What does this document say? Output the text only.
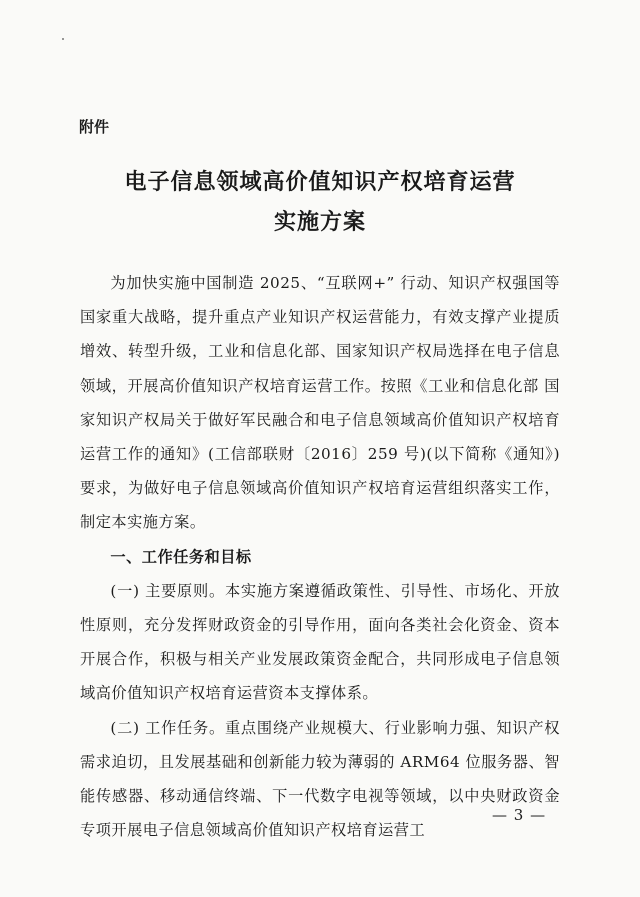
附件
电子信息领域高价值知识产权培育运营
实施方案

为加快实施中国制造 2025、“互联网+” 行动、知识产权强国等国家重大战略，提升重点产业知识产权运营能力，有效支撑产业提质增效、转型升级，工业和信息化部、国家知识产权局选择在电子信息领域，开展高价值知识产权培育运营工作。按照《工业和信息化部 国家知识产权局关于做好军民融合和电子信息领域高价值知识产权培育运营工作的通知》(工信部联财〔2016〕259 号)(以下简称《通知》)要求，为做好电子信息领域高价值知识产权培育运营组织落实工作，制定本实施方案。

一、工作任务和目标

(一) 主要原则。本实施方案遵循政策性、引导性、市场化、开放性原则，充分发挥财政资金的引导作用，面向各类社会化资金、资本开展合作，积极与相关产业发展政策资金配合，共同形成电子信息领域高价值知识产权培育运营资本支撑体系。

(二) 工作任务。重点围绕产业规模大、行业影响力强、知识产权需求迫切，且发展基础和创新能力较为薄弱的 ARM64 位服务器、智能传感器、移动通信终端、下一代数字电视等领域，以中央财政资金专项开展电子信息领域高价值知识产权培育运营工

— 3 —
